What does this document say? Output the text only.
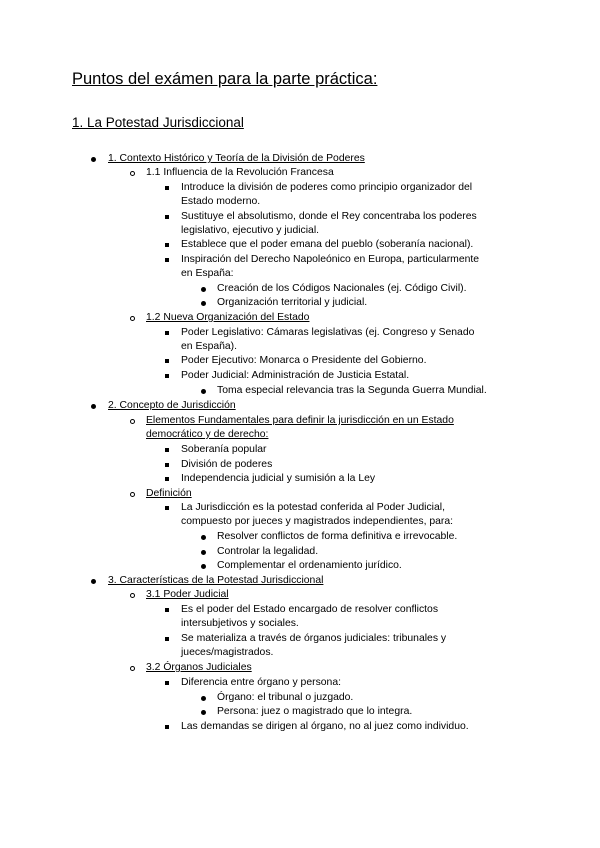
Puntos del exámen para la parte práctica:
1. La Potestad Jurisdiccional
1. Contexto Histórico y Teoría de la División de Poderes
1.1 Influencia de la Revolución Francesa
Introduce la división de poderes como principio organizador del
Estado moderno.
Sustituye el absolutismo, donde el Rey concentraba los poderes
legislativo, ejecutivo y judicial.
Establece que el poder emana del pueblo (soberanía nacional).
Inspiración del Derecho Napoleónico en Europa, particularmente
en España:
Creación de los Códigos Nacionales (ej. Código Civil).
Organización territorial y judicial.
1.2 Nueva Organización del Estado
Poder Legislativo: Cámaras legislativas (ej. Congreso y Senado
en España).
Poder Ejecutivo: Monarca o Presidente del Gobierno.
Poder Judicial: Administración de Justicia Estatal.
Toma especial relevancia tras la Segunda Guerra Mundial.
2. Concepto de Jurisdicción
Elementos Fundamentales para definir la jurisdicción en un Estado
democrático y de derecho:
Soberanía popular
División de poderes
Independencia judicial y sumisión a la Ley
Definición
La Jurisdicción es la potestad conferida al Poder Judicial,
compuesto por jueces y magistrados independientes, para:
Resolver conflictos de forma definitiva e irrevocable.
Controlar la legalidad.
Complementar el ordenamiento jurídico.
3. Características de la Potestad Jurisdiccional
3.1 Poder Judicial
Es el poder del Estado encargado de resolver conflictos
intersubjetivos y sociales.
Se materializa a través de órganos judiciales: tribunales y
jueces/magistrados.
3.2 Órganos Judiciales
Diferencia entre órgano y persona:
Órgano: el tribunal o juzgado.
Persona: juez o magistrado que lo integra.
Las demandas se dirigen al órgano, no al juez como individuo.
